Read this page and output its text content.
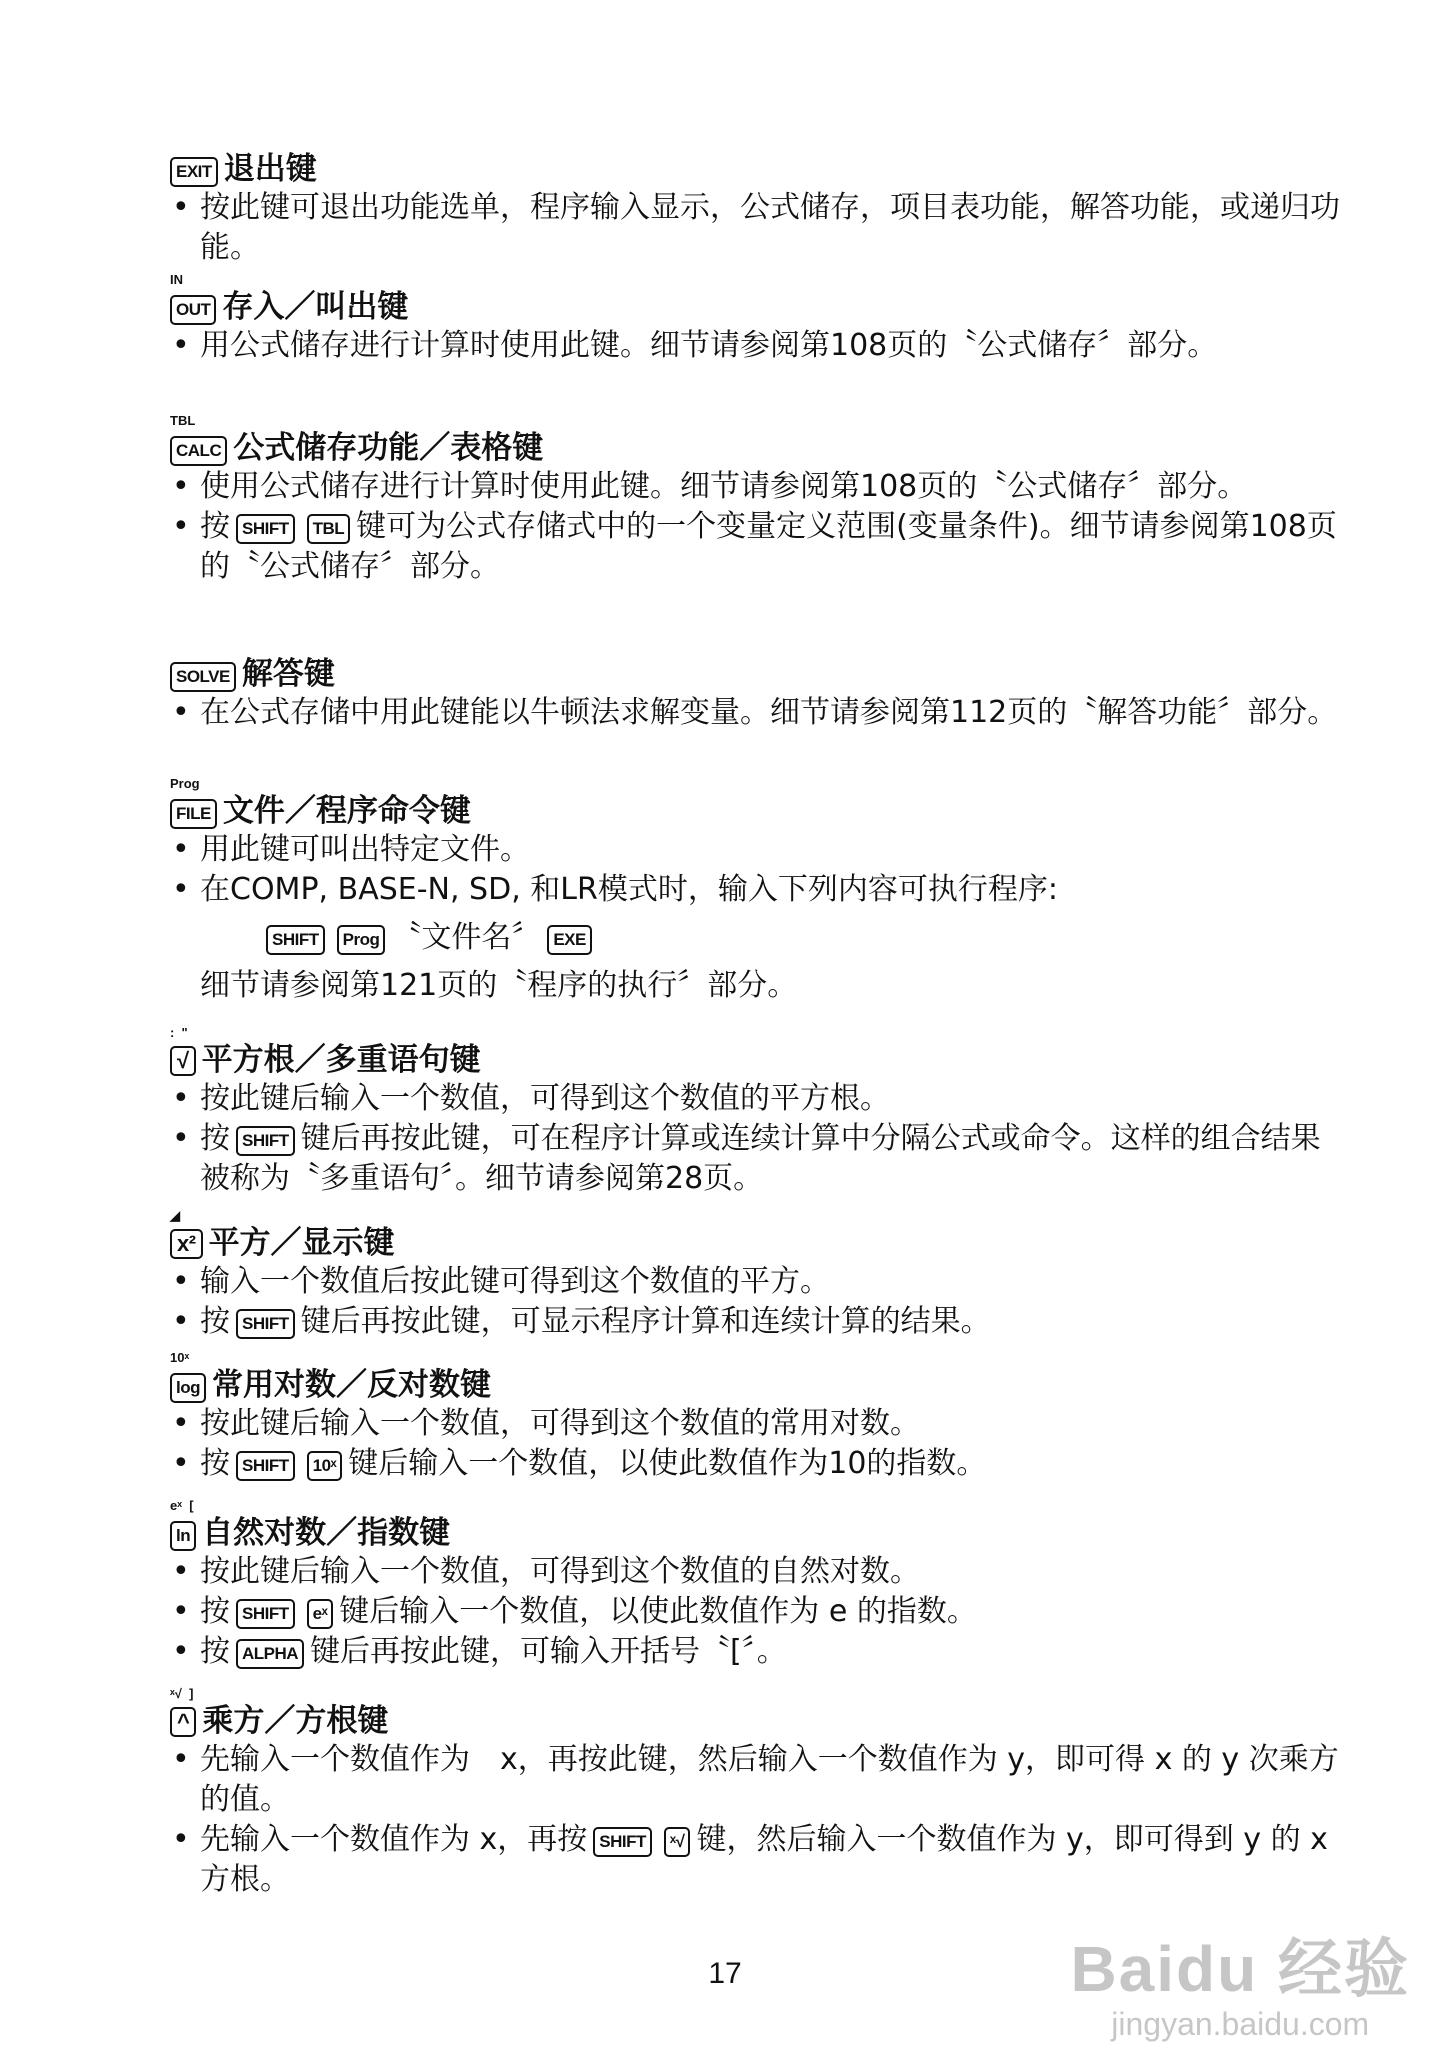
EXIT 退出键
• 按此键可退出功能选单，程序输入显示，公式储存，项目表功能，解答功能，或递归功能。
IN
OUT 存入／叫出键
• 用公式储存进行计算时使用此键。细节请参阅第108页的〝公式储存〞部分。
TBL
CALC 公式储存功能／表格键
• 使用公式储存进行计算时使用此键。细节请参阅第108页的〝公式储存〞部分。
• 按 SHIFT TBL 键可为公式存储式中的一个变量定义范围(变量条件)。细节请参阅第108页的〝公式储存〞部分。
SOLVE 解答键
• 在公式存储中用此键能以牛顿法求解变量。细节请参阅第112页的〝解答功能〞部分。
Prog
FILE 文件／程序命令键
• 用此键可叫出特定文件。
• 在COMP, BASE-N, SD, 和LR模式时，输入下列内容可执行程序:
SHIFT Prog 〝文件名〞 EXE
细节请参阅第121页的〝程序的执行〞部分。
:  "
√ 平方根／多重语句键
• 按此键后输入一个数值，可得到这个数值的平方根。
• 按 SHIFT 键后再按此键，可在程序计算或连续计算中分隔公式或命令。这样的组合结果被称为〝多重语句〞。细节请参阅第28页。
◢
x² 平方／显示键
• 输入一个数值后按此键可得到这个数值的平方。
• 按 SHIFT 键后再按此键，可显示程序计算和连续计算的结果。
10ˣ
log 常用对数／反对数键
• 按此键后输入一个数值，可得到这个数值的常用对数。
• 按 SHIFT 10ˣ 键后输入一个数值，以使此数值作为10的指数。
eˣ  [
ln 自然对数／指数键
• 按此键后输入一个数值，可得到这个数值的自然对数。
• 按 SHIFT eˣ 键后输入一个数值，以使此数值作为 e 的指数。
• 按 ALPHA 键后再按此键，可输入开括号〝[〞。
ˣ√  ]
^ 乘方／方根键
• 先输入一个数值作为　x，再按此键，然后输入一个数值作为 y，即可得 x 的 y 次乘方的值。
• 先输入一个数值作为 x，再按 SHIFT ˣ√ 键，然后输入一个数值作为 y，即可得到 y 的 x 方根。
17	Baidu 经验
jingyan.baidu.com
